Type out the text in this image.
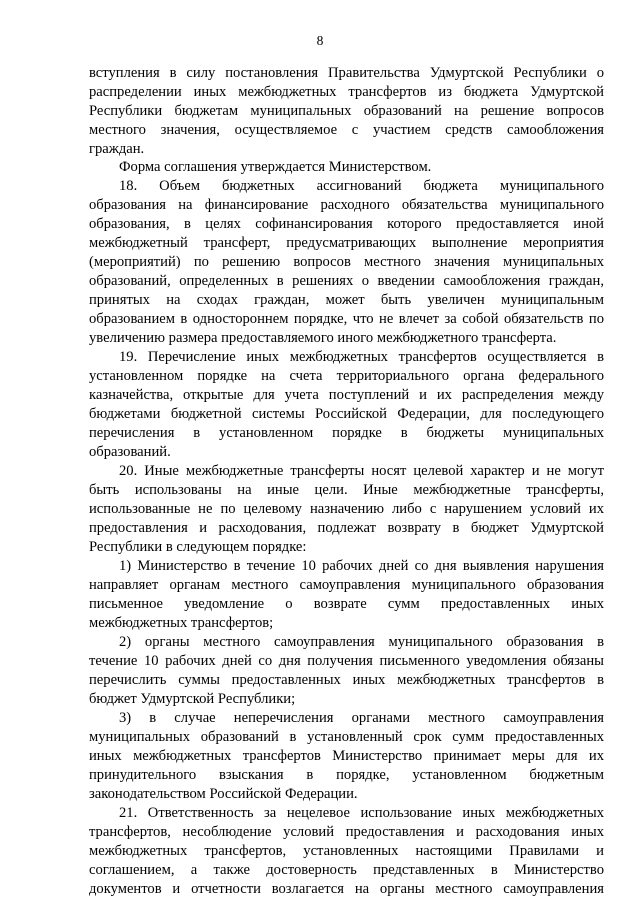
8
вступления в силу постановления Правительства Удмуртской Республики о
распределении иных межбюджетных трансфертов из бюджета Удмуртской
Республики бюджетам муниципальных образований на решение вопросов
местного значения, осуществляемое с участием средств самообложения
граждан.
Форма соглашения утверждается Министерством.
18. Объем бюджетных ассигнований бюджета муниципального
образования на финансирование расходного обязательства муниципального
образования, в целях софинансирования которого предоставляется иной
межбюджетный трансферт, предусматривающих выполнение мероприятия
(мероприятий) по решению вопросов местного значения муниципальных
образований, определенных в решениях о введении самообложения граждан,
принятых на сходах граждан, может быть увеличен муниципальным
образованием в одностороннем порядке, что не влечет за собой обязательств по
увеличению размера предоставляемого иного межбюджетного трансферта.
19. Перечисление иных межбюджетных трансфертов осуществляется в
установленном порядке на счета территориального органа федерального
казначейства, открытые для учета поступлений и их распределения между
бюджетами бюджетной системы Российской Федерации, для последующего
перечисления в установленном порядке в бюджеты муниципальных
образований.
20. Иные межбюджетные трансферты носят целевой характер и не могут
быть использованы на иные цели. Иные межбюджетные трансферты,
использованные не по целевому назначению либо с нарушением условий их
предоставления и расходования, подлежат возврату в бюджет Удмуртской
Республики в следующем порядке:
1) Министерство в течение 10 рабочих дней со дня выявления нарушения
направляет органам местного самоуправления муниципального образования
письменное уведомление о возврате сумм предоставленных иных
межбюджетных трансфертов;
2) органы местного самоуправления муниципального образования в
течение 10 рабочих дней со дня получения письменного уведомления обязаны
перечислить суммы предоставленных иных межбюджетных трансфертов в
бюджет Удмуртской Республики;
3) в случае неперечисления органами местного самоуправления
муниципальных образований в установленный срок сумм предоставленных
иных межбюджетных трансфертов Министерство принимает меры для их
принудительного взыскания в порядке, установленном бюджетным
законодательством Российской Федерации.
21. Ответственность за нецелевое использование иных межбюджетных
трансфертов, несоблюдение условий предоставления и расходования иных
межбюджетных трансфертов, установленных настоящими Правилами и
соглашением, а также достоверность представленных в Министерство
документов и отчетности возлагается на органы местного самоуправления
